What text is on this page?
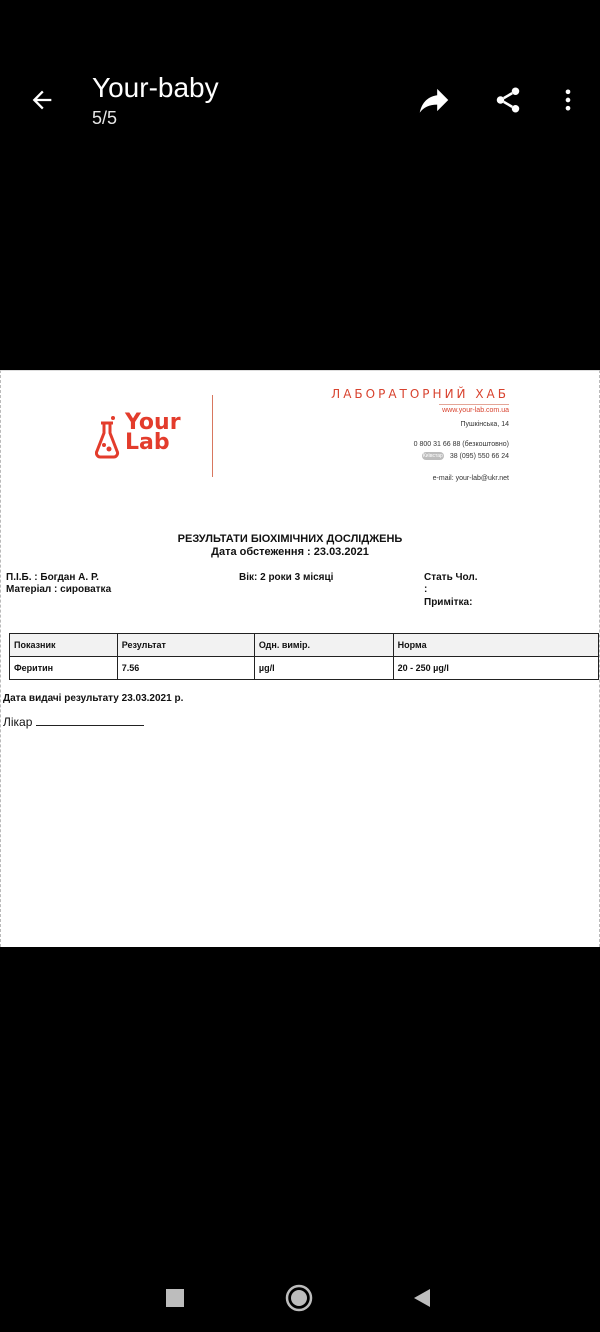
Your-baby
5/5
Your
Lab
ЛАБОРАТОРНИЙ ХАБ
www.your-lab.com.ua
Пушкінська, 14
0 800 31 66 88 (безкоштовно)
Київстар 38 (095) 550 66 24
e-mail: your-lab@ukr.net
РЕЗУЛЬТАТИ БІОХІМІЧНИХ ДОСЛІДЖЕНЬ
Дата обстеження : 23.03.2021
П.І.Б. : Богдан А. Р.
Матеріал : сироватка
Вік: 2 роки 3 місяці	Стать Чол.
:
Примітка:
Показник	Результат	Одн. вимір.	Норма
Феритин	7.56	µg/l	20 - 250 µg/l
Дата видачі результату 23.03.2021 р.
Лікар
